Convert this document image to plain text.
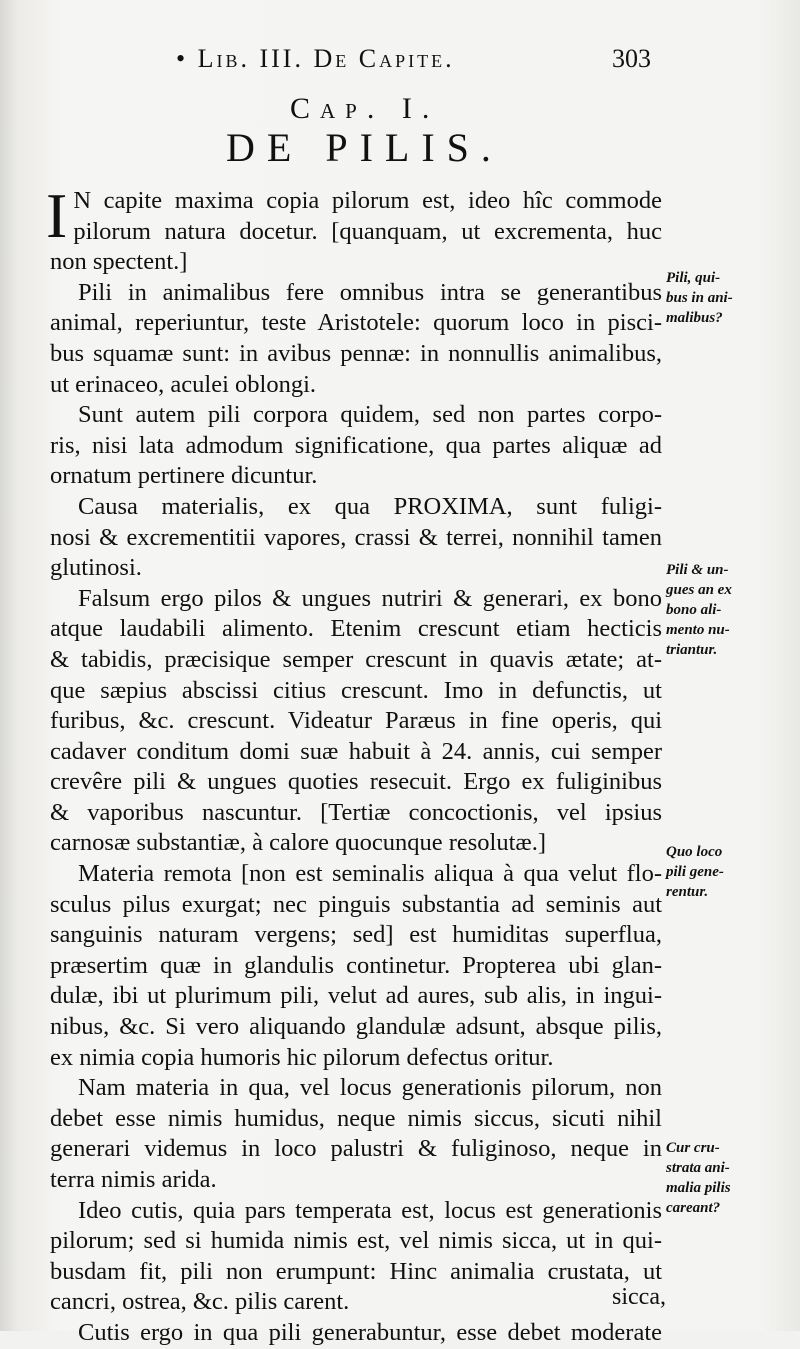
• Lib. III. De Capite.	303
Cap. I.
DE PILIS.
I N capite maxima copia pilorum est, ideo hîc commode
pilorum natura docetur. [quanquam, ut excrementa, huc
non spectent.]
Pili in animalibus fere omnibus intra se generantibus
animal, reperiuntur, teste Aristotele: quorum loco in pisci-
bus squamæ sunt: in avibus pennæ: in nonnullis animalibus,
ut erinaceo, aculei oblongi.
Sunt autem pili corpora quidem, sed non partes corpo-
ris, nisi lata admodum significatione, qua partes aliquæ ad
ornatum pertinere dicuntur.
Causa materialis, ex qua PROXIMA, sunt fuligi-
nosi & excrementitii vapores, crassi & terrei, nonnihil tamen
glutinosi.
Falsum ergo pilos & ungues nutriri & generari, ex bono
atque laudabili alimento. Etenim crescunt etiam hecticis
& tabidis, præcisique semper crescunt in quavis ætate; at-
que sæpius abscissi citius crescunt. Imo in defunctis, ut
furibus, &c. crescunt. Videatur Paræus in fine operis, qui
cadaver conditum domi suæ habuit à 24. annis, cui semper
crevêre pili & ungues quoties resecuit. Ergo ex fuliginibus
& vaporibus nascuntur. [Tertiæ concoctionis, vel ipsius
carnosæ substantiæ, à calore quocunque resolutæ.]
Materia remota [non est seminalis aliqua à qua velut flo-
sculus pilus exurgat; nec pinguis substantia ad seminis aut
sanguinis naturam vergens; sed] est humiditas superflua,
præsertim quæ in glandulis continetur. Propterea ubi glan-
dulæ, ibi ut plurimum pili, velut ad aures, sub alis, in ingui-
nibus, &c. Si vero aliquando glandulæ adsunt, absque pilis,
ex nimia copia humoris hic pilorum defectus oritur.
Nam materia in qua, vel locus generationis pilorum, non
debet esse nimis humidus, neque nimis siccus, sicuti nihil
generari videmus in loco palustri & fuliginoso, neque in
terra nimis arida.
Ideo cutis, quia pars temperata est, locus est generationis
pilorum; sed si humida nimis est, vel nimis sicca, ut in qui-
busdam fit, pili non erumpunt: Hinc animalia crustata, ut
cancri, ostrea, &c. pilis carent.
Cutis ergo in qua pili generabuntur, esse debet moderate
sicca,
Pili, qui-
bus in ani-
malibus?
Pili & un-
gues an ex
bono ali-
mento nu-
triantur.
Quo loco
pili gene-
rentur.
Cur cru-
strata ani-
malia pilis
careant?
